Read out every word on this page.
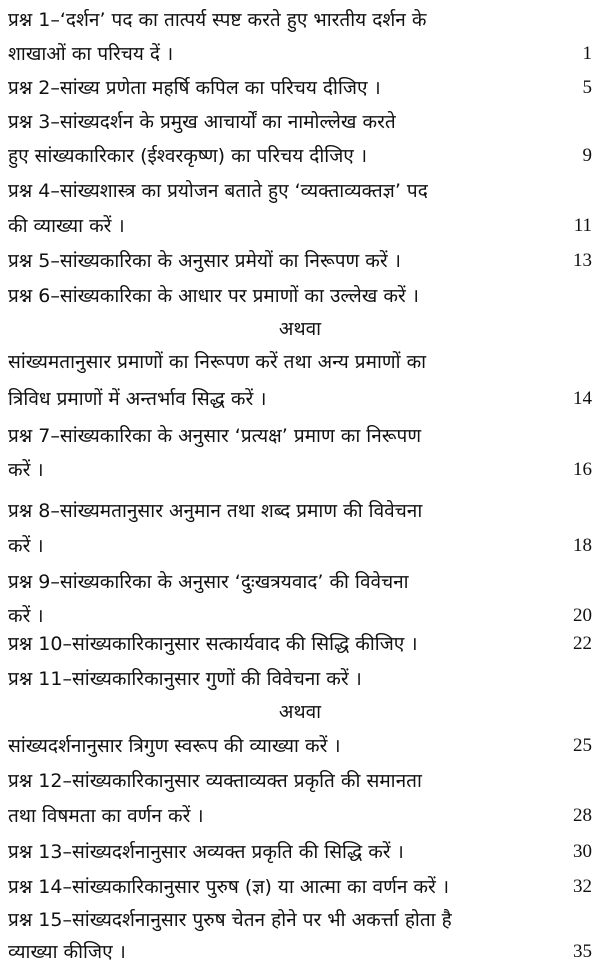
प्रश्न 1–‘दर्शन’ पद का तात्पर्य स्पष्ट करते हुए भारतीय दर्शन के
शाखाओं का परिचय दें ।	1
प्रश्न 2–सांख्य प्रणेता महर्षि कपिल का परिचय दीजिए ।	5
प्रश्न 3–सांख्यदर्शन के प्रमुख आचार्यों का नामोल्लेख करते
हुए सांख्यकारिकार (ईश्वरकृष्ण) का परिचय दीजिए ।	9
प्रश्न 4–सांख्यशास्त्र का प्रयोजन बताते हुए ‘व्यक्ताव्यक्तज्ञ’ पद
की व्याख्या करें ।	11
प्रश्न 5–सांख्यकारिका के अनुसार प्रमेयों का निरूपण करें ।	13
प्रश्न 6–सांख्यकारिका के आधार पर प्रमाणों का उल्लेख करें ।
अथवा
सांख्यमतानुसार प्रमाणों का निरूपण करें तथा अन्य प्रमाणों का
त्रिविध प्रमाणों में अन्तर्भाव सिद्ध करें ।	14
प्रश्न 7–सांख्यकारिका के अनुसार ‘प्रत्यक्ष’ प्रमाण का निरूपण
करें ।	16
प्रश्न 8–सांख्यमतानुसार अनुमान तथा शब्द प्रमाण की विवेचना
करें ।	18
प्रश्न 9–सांख्यकारिका के अनुसार ‘दुःखत्रयवाद’ की विवेचना
करें ।	20
प्रश्न 10–सांख्यकारिकानुसार सत्कार्यवाद की सिद्धि कीजिए ।	22
प्रश्न 11–सांख्यकारिकानुसार गुणों की विवेचना करें ।
अथवा
सांख्यदर्शनानुसार त्रिगुण स्वरूप की व्याख्या करें ।	25
प्रश्न 12–सांख्यकारिकानुसार व्यक्ताव्यक्त प्रकृति की समानता
तथा विषमता का वर्णन करें ।	28
प्रश्न 13–सांख्यदर्शनानुसार अव्यक्त प्रकृति की सिद्धि करें ।	30
प्रश्न 14–सांख्यकारिकानुसार पुरुष (ज्ञ) या आत्मा का वर्णन करें ।	32
प्रश्न 15–सांख्यदर्शनानुसार पुरुष चेतन होने पर भी अकर्त्ता होता है
व्याख्या कीजिए ।	35
